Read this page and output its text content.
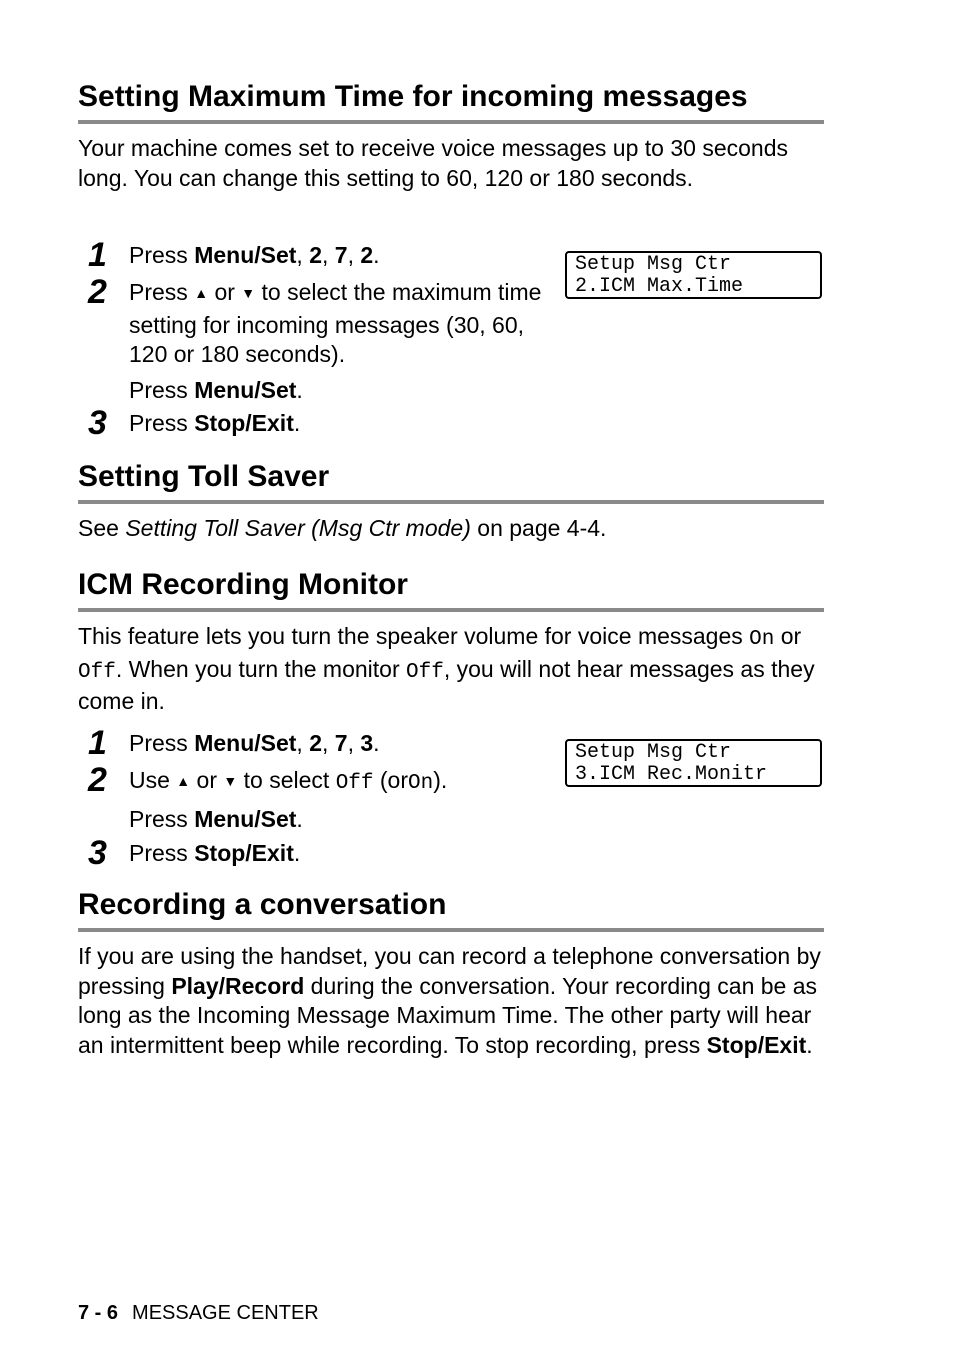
Setting Maximum Time for incoming messages

Your machine comes set to receive voice messages up to 30 seconds long. You can change this setting to 60, 120 or 180 seconds.

1 Press Menu/Set, 2, 7, 2.
2 Press ▲ or ▼ to select the maximum time setting for incoming messages (30, 60, 120 or 180 seconds).
Press Menu/Set.
3 Press Stop/Exit.
Setup Msg Ctr
2.ICM Max.Time
Setting Toll Saver

See Setting Toll Saver (Msg Ctr mode) on page 4-4.

ICM Recording Monitor

This feature lets you turn the speaker volume for voice messages On or Off. When you turn the monitor Off, you will not hear messages as they come in.

1 Press Menu/Set, 2, 7, 3.
2 Use ▲ or ▼ to select Off (orOn).
Press Menu/Set.
3 Press Stop/Exit.
Setup Msg Ctr
3.ICM Rec.Monitr
Recording a conversation

If you are using the handset, you can record a telephone conversation by pressing Play/Record during the conversation. Your recording can be as long as the Incoming Message Maximum Time. The other party will hear an intermittent beep while recording. To stop recording, press Stop/Exit.

7 - 6 MESSAGE CENTER
